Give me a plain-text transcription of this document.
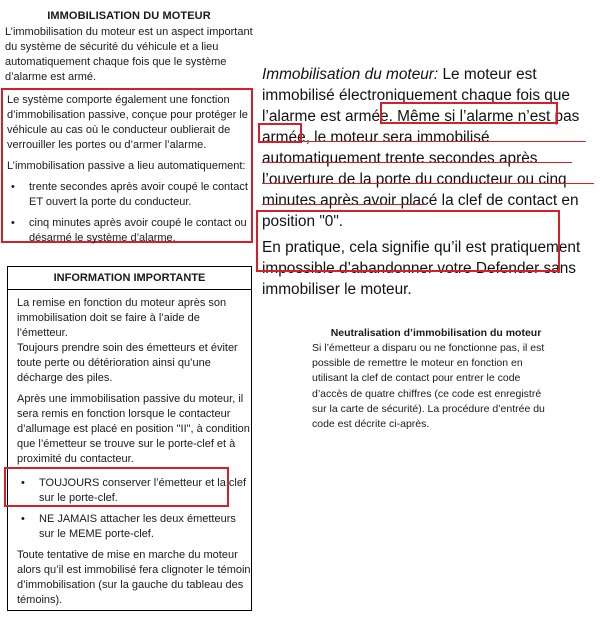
IMMOBILISATION DU MOTEUR

L’immobilisation du moteur est un aspect important du système de sécurité du véhicule et a lieu automatiquement chaque fois que le système d’alarme est armé.

Le système comporte également une fonction d’immobilisation passive, conçue pour protéger le véhicule au cas où le conducteur oublierait de verrouiller les portes ou d’armer l’alarme.

L’immobilisation passive a lieu automatiquement:

• trente secondes après avoir coupé le contact ET ouvert la porte du conducteur.

• cinq minutes après avoir coupé le contact ou désarmé le système d’alarme.

INFORMATION IMPORTANTE

La remise en fonction du moteur après son immobilisation doit se faire à l’aide de l’émetteur.

Toujours prendre soin des émetteurs et éviter toute perte ou détérioration ainsi qu’une décharge des piles.

Après une immobilisation passive du moteur, il sera remis en fonction lorsque le contacteur d’allumage est placé en position "II", à condition que l’émetteur se trouve sur le porte-clef et à proximité du contacteur.

• TOUJOURS conserver l’émetteur et la clef sur le porte-clef.

• NE JAMAIS attacher les deux émetteurs sur le MEME porte-clef.

Toute tentative de mise en marche du moteur alors qu’il est immobilisé fera clignoter le témoin d’immobilisation (sur la gauche du tableau des témoins).

Immobilisation du moteur: Le moteur est immobilisé électroniquement chaque fois que l’alarme est armée. Même si l’alarme n’est pas armée, le moteur sera immobilisé automatiquement trente secondes après l’ouverture de la porte du conducteur ou cinq minutes après avoir placé la clef de contact en position "0".

En pratique, cela signifie qu’il est pratiquement impossible d’abandonner votre Defender sans immobiliser le moteur.

Neutralisation d’immobilisation du moteur

Si l’émetteur a disparu ou ne fonctionne pas, il est possible de remettre le moteur en fonction en utilisant la clef de contact pour entrer le code d’accès de quatre chiffres (ce code est enregistré sur la carte de sécurité). La procédure d’entrée du code est décrite ci-après.
